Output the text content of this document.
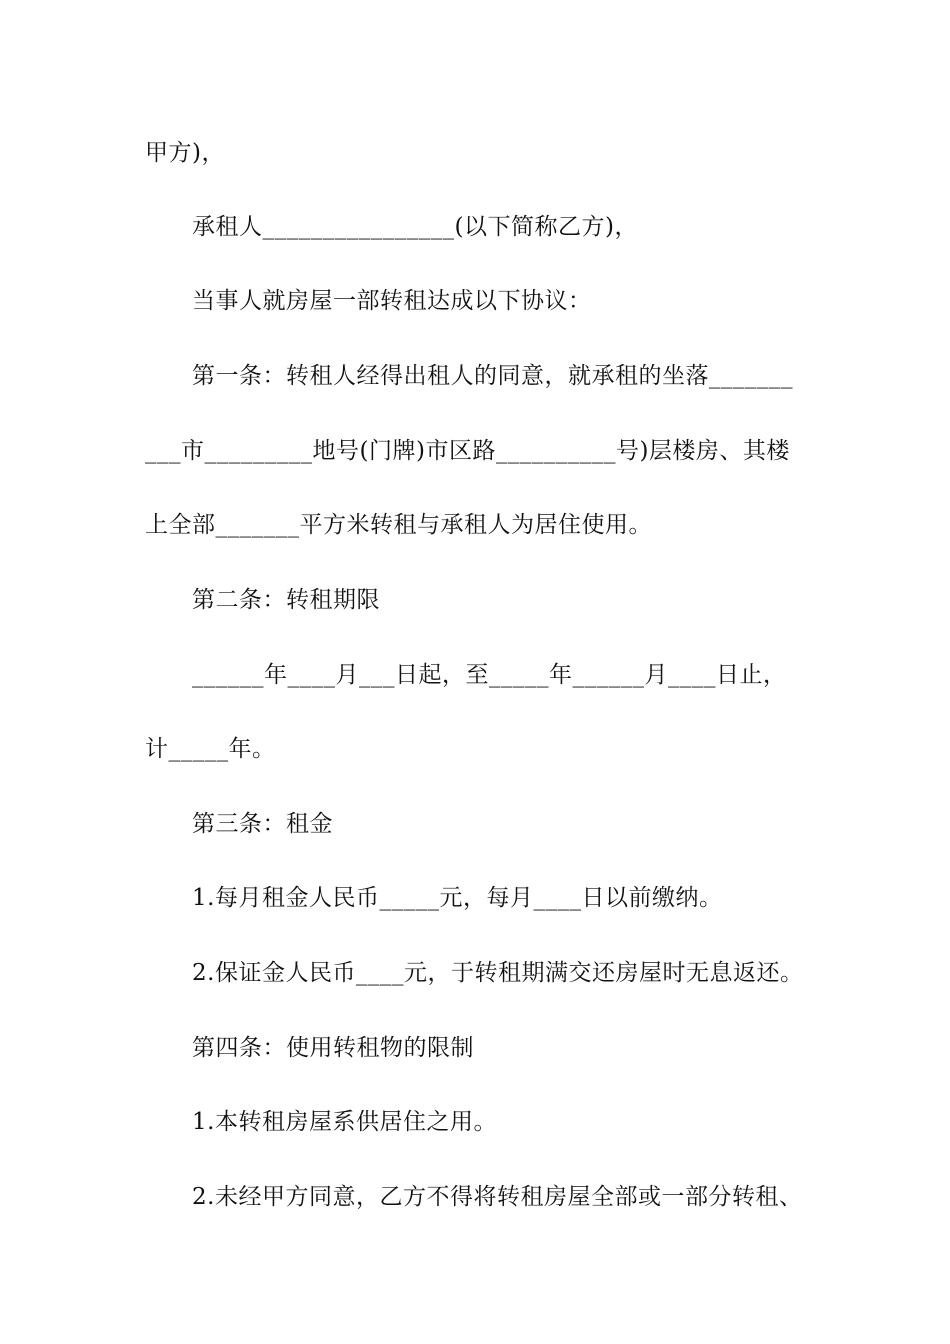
甲方)，
承租人________________(以下简称乙方)，
当事人就房屋一部转租达成以下协议：
第一条：转租人经得出租人的同意，就承租的坐落_______
___市_________地号(门牌)市区路__________号)层楼房、其楼
上全部_______平方米转租与承租人为居住使用。
第二条：转租期限
______年____月___日起，至_____年______月____日止，
计_____年。
第三条：租金
1.每月租金人民币_____元，每月____日以前缴纳。
2.保证金人民币____元，于转租期满交还房屋时无息返还。
第四条：使用转租物的限制
1.本转租房屋系供居住之用。
2.未经甲方同意，乙方不得将转租房屋全部或一部分转租、
